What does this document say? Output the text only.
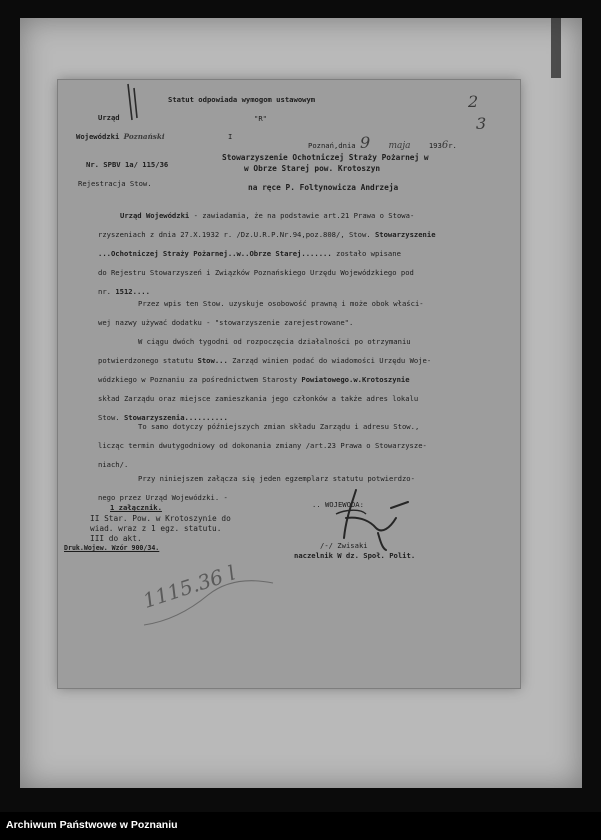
Urząd
Wojewódzki Poznański
Statut odpowiada wymogom ustawowym
"R"
I
Poznań,dnia 9 maja	1936r.
2
3
Nr. SPBV 1a/ 115/36
Rejestracja Stow.
Stowarzyszenie Ochotniczej Straży Pożarnej w
w Obrze Starej pow. Krotoszyn
na ręce P. Foltynowicza Andrzeja
Urząd Wojewódzki - zawiadamia, że na podstawie art.21 Prawa o Stowa-
rzyszeniach z dnia 27.X.1932 r. /Dz.U.R.P.Nr.94,poz.808/, Stow. Stowarzyszenie
...Ochotniczej Straży Pożarnej..w..Obrze Starej....... zostało wpisane
do Rejestru Stowarzyszeń i Związków Poznańskiego Urzędu Wojewódzkiego pod
nr. 1512....
Przez wpis ten Stow. uzyskuje osobowość prawną i może obok właści-
wej nazwy używać dodatku - "stowarzyszenie zarejestrowane".
W ciągu dwóch tygodni od rozpoczęcia działalności po otrzymaniu
potwierdzonego statutu Stow... Zarząd winien podać do wiadomości Urzędu Woje-
wódzkiego w Poznaniu za pośrednictwem Starosty Powiatowego.w.Krotoszynie
skład Zarządu oraz miejsce zamieszkania jego członków a także adres lokalu
Stow. Stowarzyszenia..........
To samo dotyczy późniejszych zmian składu Zarządu i adresu Stow.,
licząc termin dwutygodniowy od dokonania zmiany /art.23 Prawa o Stowarzysze-
niach/.
Przy niniejszem załącza się jeden egzemplarz statutu potwierdzo-
nego przez Urząd Wojewódzki. -
1 załącznik.
II Star. Pow. w Krotoszynie do
wiad. wraz z 1 egz. statutu.
III do akt.
Druk.Wojew. Wzór 900/34.
.. WOJEWODA:
/-/ Zwisaki
naczelnik W dz. Społ. Polit.
1115.36 l
Archiwum Państwowe w Poznaniu
